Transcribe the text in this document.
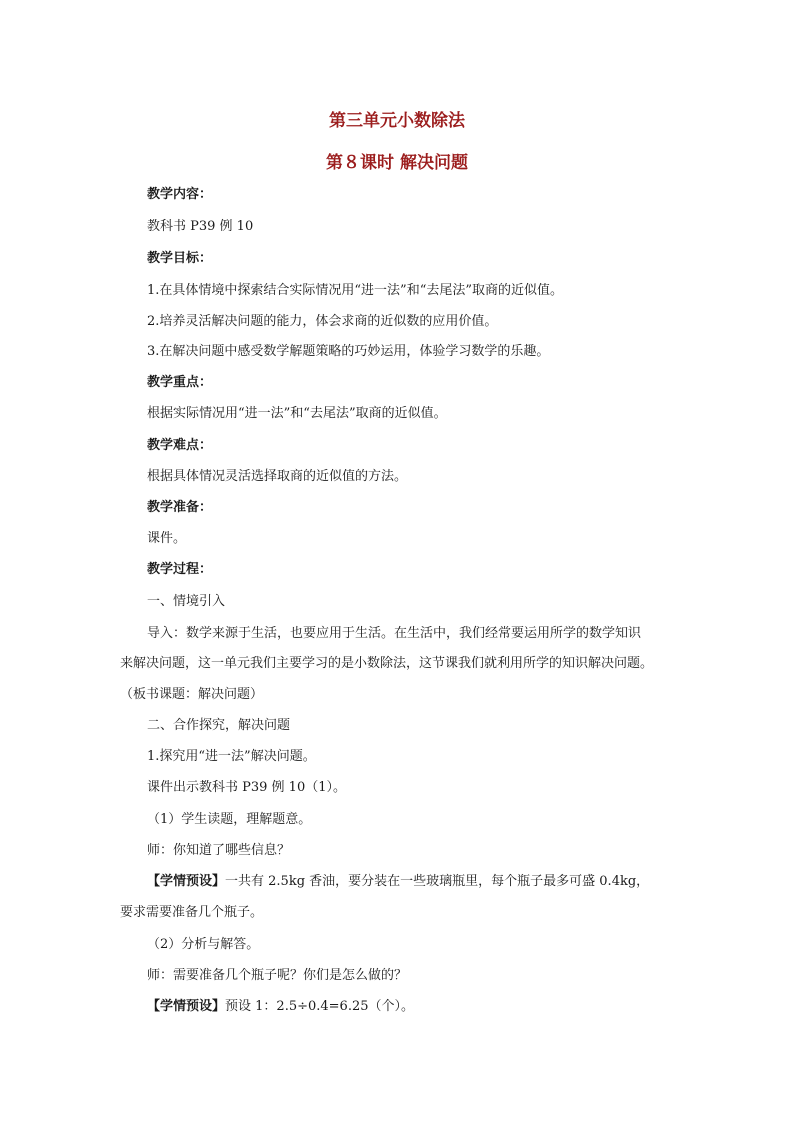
第三单元小数除法
第８课时 解决问题
教学内容：
教科书 P39 例 10
教学目标：
1.在具体情境中探索结合实际情况用“进一法”和“去尾法”取商的近似值。
2.培养灵活解决问题的能力，体会求商的近似数的应用价值。
3.在解决问题中感受数学解题策略的巧妙运用，体验学习数学的乐趣。
教学重点：
根据实际情况用“进一法”和“去尾法”取商的近似值。
教学难点：
根据具体情况灵活选择取商的近似值的方法。
教学准备：
课件。
教学过程：
一、情境引入
导入：数学来源于生活，也要应用于生活。在生活中，我们经常要运用所学的数学知识
来解决问题，这一单元我们主要学习的是小数除法，这节课我们就利用所学的知识解决问题。
（板书课题：解决问题）
二、合作探究，解决问题
1.探究用“进一法”解决问题。
课件出示教科书 P39 例 10（1）。
（1）学生读题，理解题意。
师：你知道了哪些信息？
【学情预设】一共有 2.5kg 香油，要分装在一些玻璃瓶里，每个瓶子最多可盛 0.4kg，
要求需要准备几个瓶子。
（2）分析与解答。
师：需要准备几个瓶子呢？你们是怎么做的？
【学情预设】预设 1：2.5÷0.4=6.25（个）。
